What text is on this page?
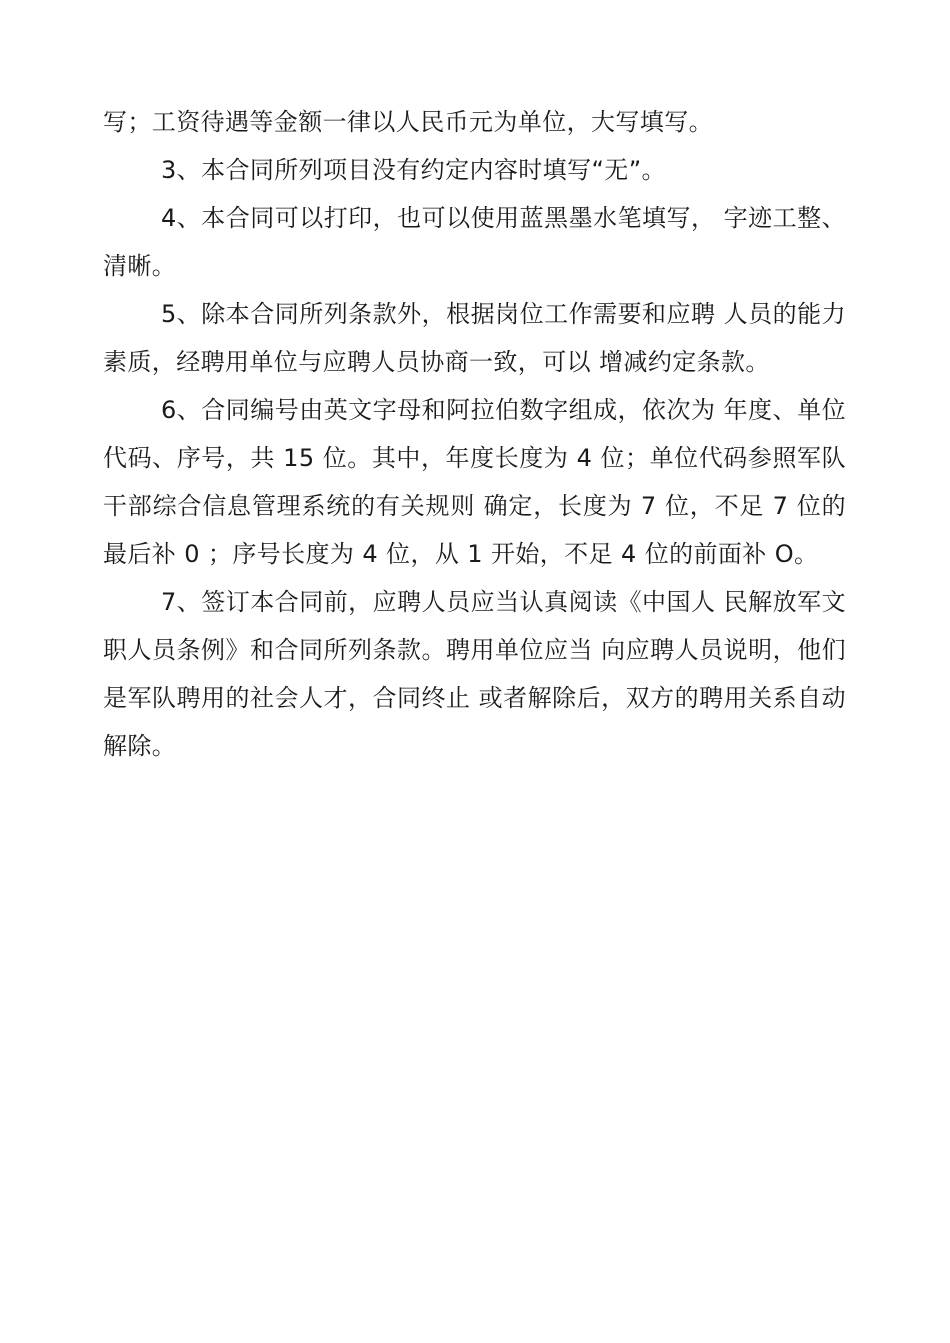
写；工资待遇等金额一律以人民币元为单位，大写填写。

3、本合同所列项目没有约定内容时填写“无”。

4、本合同可以打印，也可以使用蓝黑墨水笔填写， 字迹工整、清晰。

5、除本合同所列条款外，根据岗位工作需要和应聘 人员的能力素质，经聘用单位与应聘人员协商一致，可以 增减约定条款。

6、合同编号由英文字母和阿拉伯数字组成，依次为 年度、单位代码、序号，共 15 位。其中，年度长度为 4 位；单位代码参照军队干部综合信息管理系统的有关规则 确定，长度为 7 位，不足 7 位的最后补 0 ；序号长度为 4 位，从 1 开始，不足 4 位的前面补 O。

7、签订本合同前，应聘人员应当认真阅读《中国人 民解放军文职人员条例》和合同所列条款。聘用单位应当 向应聘人员说明，他们是军队聘用的社会人才，合同终止 或者解除后，双方的聘用关系自动解除。
